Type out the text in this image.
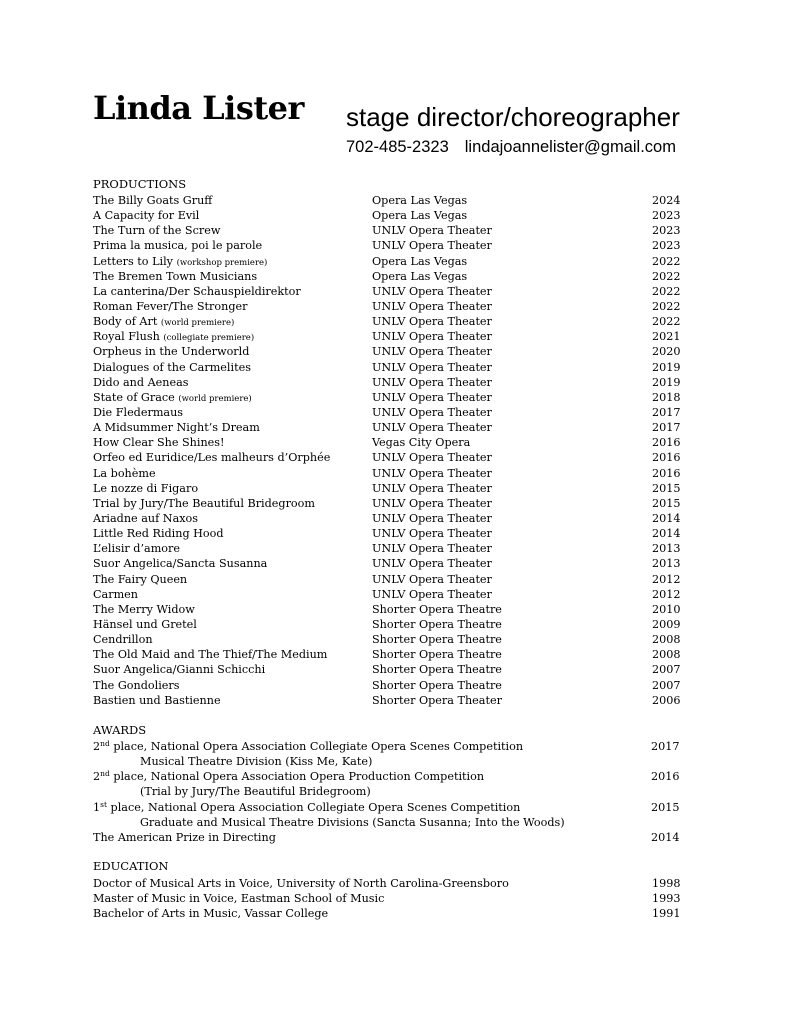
Linda Lister stage director/choreographer
702-485-2323 lindajoannelister@gmail.com
PRODUCTIONS
The Billy Goats Gruff	Opera Las Vegas	2024
A Capacity for Evil	Opera Las Vegas	2023
The Turn of the Screw	UNLV Opera Theater	2023
Prima la musica, poi le parole	UNLV Opera Theater	2023
Letters to Lily (workshop premiere)	Opera Las Vegas	2022
The Bremen Town Musicians	Opera Las Vegas	2022
La canterina/Der Schauspieldirektor	UNLV Opera Theater	2022
Roman Fever/The Stronger	UNLV Opera Theater	2022
Body of Art (world premiere)	UNLV Opera Theater	2022
Royal Flush (collegiate premiere)	UNLV Opera Theater	2021
Orpheus in the Underworld	UNLV Opera Theater	2020
Dialogues of the Carmelites	UNLV Opera Theater	2019
Dido and Aeneas	UNLV Opera Theater	2019
State of Grace (world premiere)	UNLV Opera Theater	2018
Die Fledermaus	UNLV Opera Theater	2017
A Midsummer Night’s Dream	UNLV Opera Theater	2017
How Clear She Shines!	Vegas City Opera	2016
Orfeo ed Euridice/Les malheurs d’Orphée	UNLV Opera Theater	2016
La bohème	UNLV Opera Theater	2016
Le nozze di Figaro	UNLV Opera Theater	2015
Trial by Jury/The Beautiful Bridegroom	UNLV Opera Theater	2015
Ariadne auf Naxos	UNLV Opera Theater	2014
Little Red Riding Hood	UNLV Opera Theater	2014
L’elisir d’amore	UNLV Opera Theater	2013
Suor Angelica/Sancta Susanna	UNLV Opera Theater	2013
The Fairy Queen	UNLV Opera Theater	2012
Carmen	UNLV Opera Theater	2012
The Merry Widow	Shorter Opera Theatre	2010
Hänsel und Gretel	Shorter Opera Theatre	2009
Cendrillon	Shorter Opera Theatre	2008
The Old Maid and The Thief/The Medium	Shorter Opera Theatre	2008
Suor Angelica/Gianni Schicchi	Shorter Opera Theatre	2007
The Gondoliers	Shorter Opera Theatre	2007
Bastien und Bastienne	Shorter Opera Theater	2006
AWARDS
2nd place, National Opera Association Collegiate Opera Scenes Competition	2017
Musical Theatre Division (Kiss Me, Kate)
2nd place, National Opera Association Opera Production Competition	2016
(Trial by Jury/The Beautiful Bridegroom)
1st place, National Opera Association Collegiate Opera Scenes Competition	2015
Graduate and Musical Theatre Divisions (Sancta Susanna; Into the Woods)
The American Prize in Directing	2014
EDUCATION
Doctor of Musical Arts in Voice, University of North Carolina-Greensboro	1998
Master of Music in Voice, Eastman School of Music	1993
Bachelor of Arts in Music, Vassar College	1991
